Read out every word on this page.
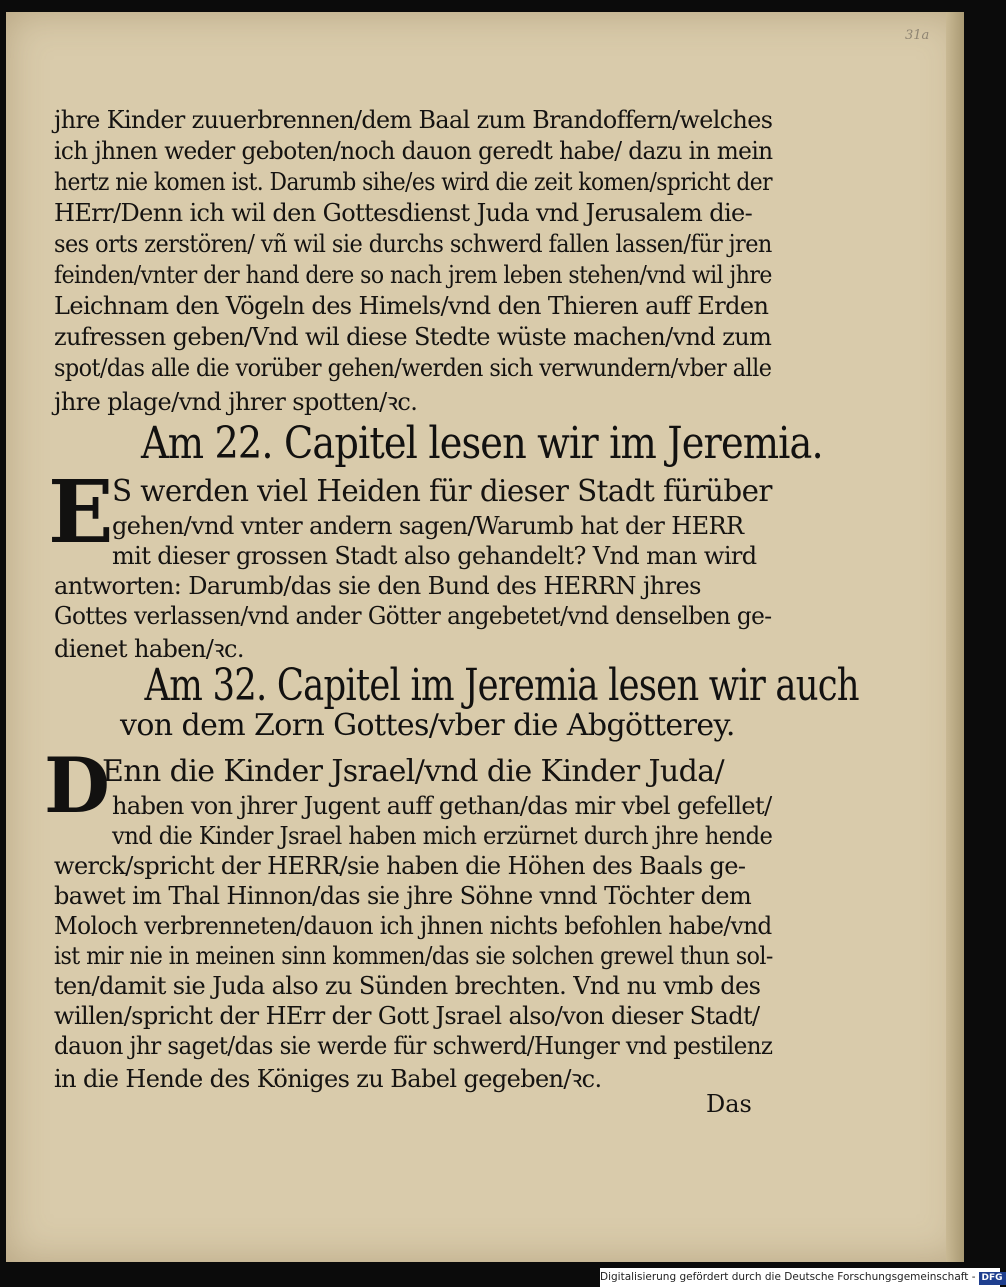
31a
jhre Kinder zuuerbrennen/dem Baal zum Brandoffern/welches
ich jhnen weder geboten/noch dauon geredt habe/ dazu in mein
hertz nie komen ist. Darumb sihe/es wird die zeit komen/spricht der
HErr/Denn ich wil den Gottesdienst Juda vnd Jerusalem die-
ses orts zerstören/ vñ wil sie durchs schwerd fallen lassen/für jren
feinden/vnter der hand dere so nach jrem leben stehen/vnd wil jhre
Leichnam den Vögeln des Himels/vnd den Thieren auff Erden
zufressen geben/Vnd wil diese Stedte wüste machen/vnd zum
spot/das alle die vorüber gehen/werden sich verwundern/vber alle
jhre plage/vnd jhrer spotten/ꝛc.
Am 22. Capitel lesen wir im Jeremia.
E
S werden viel Heiden für dieser Stadt fürüber
gehen/vnd vnter andern sagen/Warumb hat der HERR
mit dieser grossen Stadt also gehandelt? Vnd man wird
antworten: Darumb/das sie den Bund des HERRN jhres
Gottes verlassen/vnd ander Götter angebetet/vnd denselben ge-
dienet haben/ꝛc.
Am 32. Capitel im Jeremia lesen wir auch
von dem Zorn Gottes/vber die Abgötterey.
D
Enn die Kinder Jsrael/vnd die Kinder Juda/
haben von jhrer Jugent auff gethan/das mir vbel gefellet/
vnd die Kinder Jsrael haben mich erzürnet durch jhre hende
werck/spricht der HERR/sie haben die Höhen des Baals ge-
bawet im Thal Hinnon/das sie jhre Söhne vnnd Töchter dem
Moloch verbrenneten/dauon ich jhnen nichts befohlen habe/vnd
ist mir nie in meinen sinn kommen/das sie solchen grewel thun sol-
ten/damit sie Juda also zu Sünden brechten. Vnd nu vmb des
willen/spricht der HErr der Gott Jsrael also/von dieser Stadt/
dauon jhr saget/das sie werde für schwerd/Hunger vnd pestilenz
in die Hende des Königes zu Babel gegeben/ꝛc.
Das
Digitalisierung gefördert durch die Deutsche Forschungsgemeinschaft - DFG
